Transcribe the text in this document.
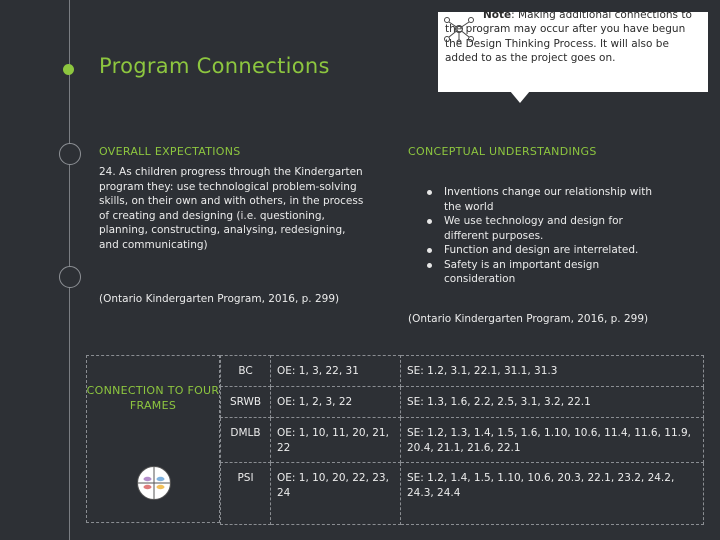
Program Connections
Note: Making additional connections to the program may occur after you have begun the Design Thinking Process. It will also be added to as the project goes on.
OVERALL EXPECTATIONS
24. As children progress through the Kindergarten program they: use technological problem-solving skills, on their own and with others, in the process of creating and designing (i.e. questioning, planning, constructing, analysing, redesigning, and communicating)
(Ontario Kindergarten Program, 2016, p. 299)
CONCEPTUAL UNDERSTANDINGS
Inventions change our relationship with the world
We use technology and design for different purposes.
Function and design are interrelated.
Safety is an important design consideration
(Ontario Kindergarten Program, 2016, p. 299)
CONNECTION TO FOUR FRAMES
BC	OE: 1, 3, 22, 31	SE: 1.2, 3.1, 22.1, 31.1, 31.3
SRWB	OE: 1, 2, 3, 22	SE: 1.3, 1.6, 2.2, 2.5, 3.1, 3.2, 22.1
DMLB	OE: 1, 10, 11, 20, 21, 22	SE: 1.2, 1.3, 1.4, 1.5, 1.6, 1.10, 10.6, 11.4, 11.6, 11.9, 20.4, 21.1, 21.6, 22.1
PSI	OE: 1, 10, 20, 22, 23, 24	SE: 1.2, 1.4, 1.5, 1.10, 10.6, 20.3, 22.1, 23.2, 24.2, 24.3, 24.4
